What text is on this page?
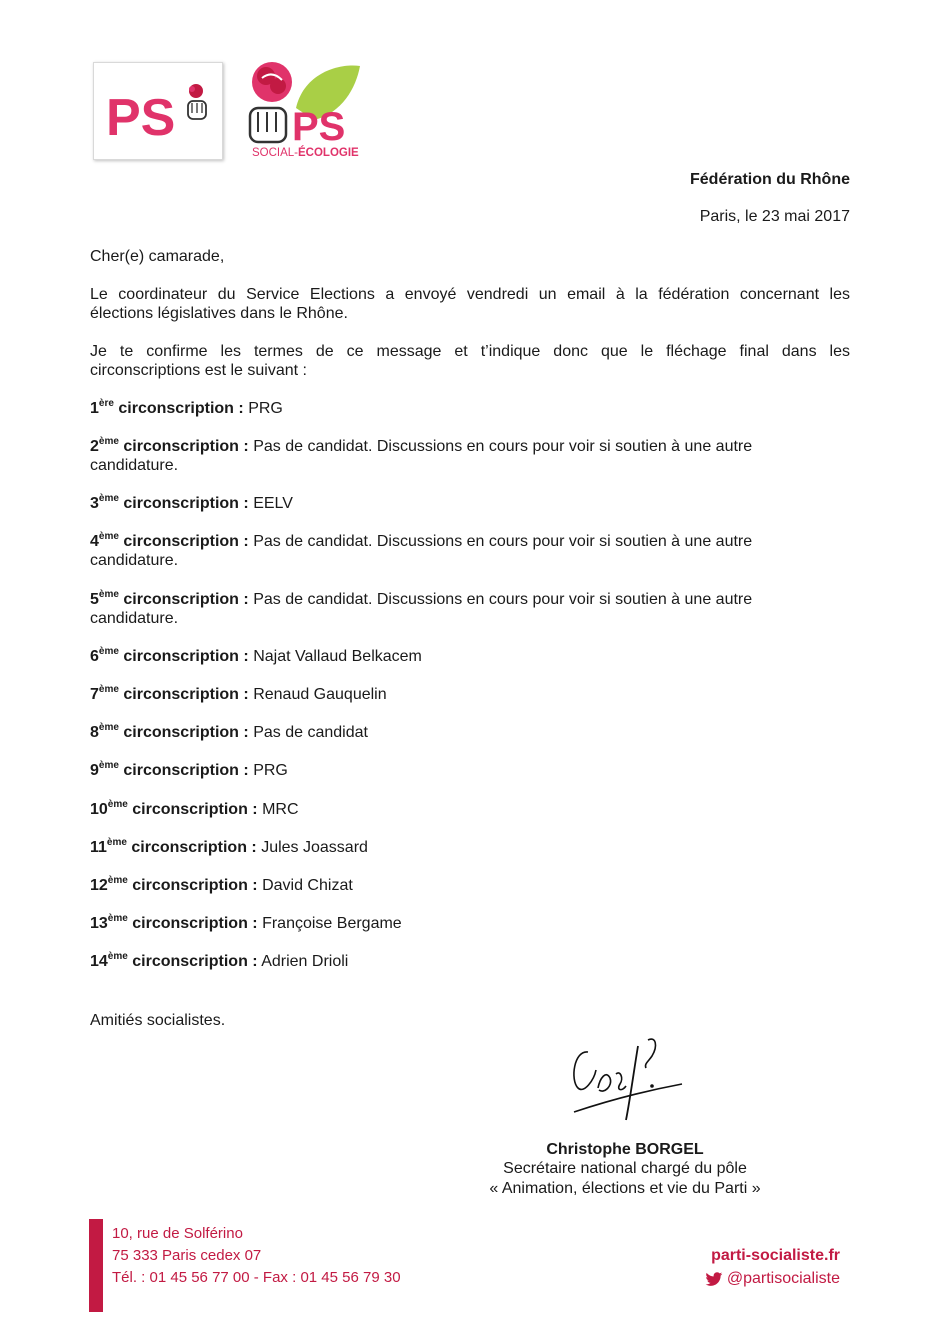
PS	PS
SOCIAL-ÉCOLOGIE
Fédération du Rhône
Paris, le 23 mai 2017
Cher(e) camarade,
Le coordinateur du Service Elections a envoyé vendredi un email à la fédération concernant les
élections législatives dans le Rhône.
Je te confirme les termes de ce message et t’indique donc que le fléchage final dans les
circonscriptions est le suivant :
1ère circonscription : PRG
2ème circonscription : Pas de candidat. Discussions en cours pour voir si soutien à une autre
candidature.
3ème circonscription : EELV
4ème circonscription : Pas de candidat. Discussions en cours pour voir si soutien à une autre
candidature.
5ème circonscription : Pas de candidat. Discussions en cours pour voir si soutien à une autre
candidature.
6ème circonscription : Najat Vallaud Belkacem
7ème circonscription : Renaud Gauquelin
8ème circonscription : Pas de candidat
9ème circonscription : PRG
10ème circonscription : MRC
11ème circonscription : Jules Joassard
12ème circonscription : David Chizat
13ème circonscription : Françoise Bergame
14ème circonscription : Adrien Drioli
Amitiés socialistes.
Christophe BORGEL
Secrétaire national chargé du pôle
« Animation, élections et vie du Parti »
10, rue de Solférino
75 333 Paris cedex 07
Tél. : 01 45 56 77 00 - Fax : 01 45 56 79 30
parti-socialiste.fr
@partisocialiste
